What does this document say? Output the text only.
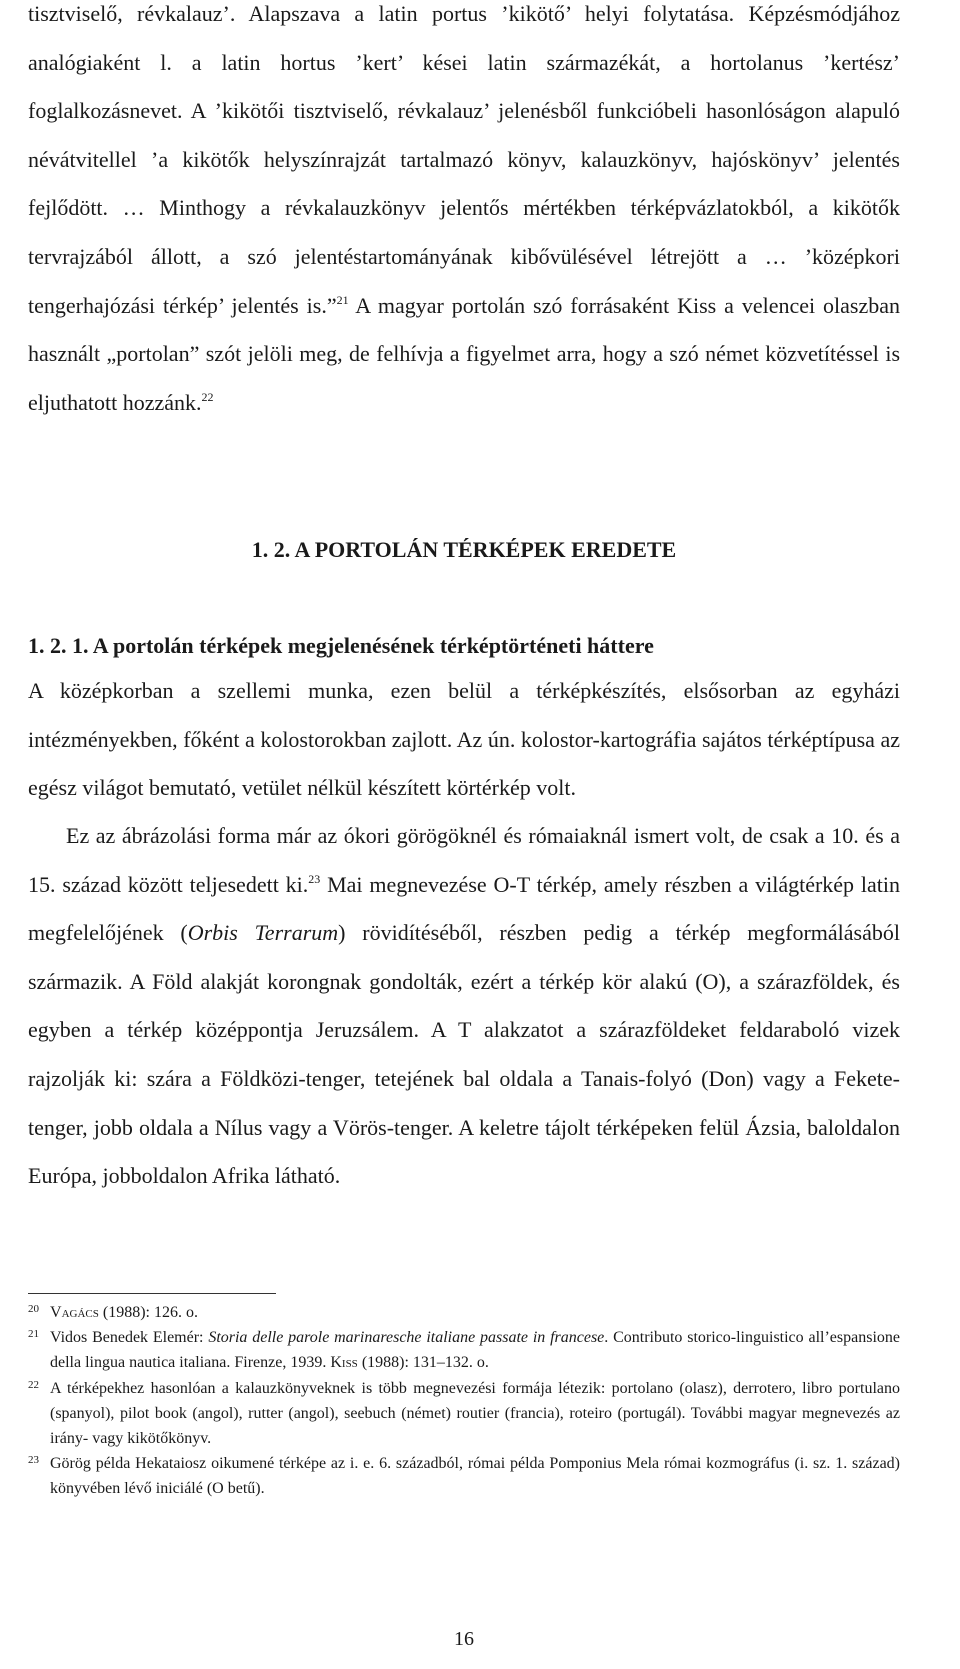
tisztviselő, révkalauz’. Alapszava a latin portus ’kikötő’ helyi folytatása. Képzésmódjához analógiaként l. a latin hortus ’kert’ kései latin származékát, a hortolanus ’kertész’ foglalkozásnevet. A ’kikötői tisztviselő, révkalauz’ jelenésből funkcióbeli hasonlóságon alapuló névátvitellel ’a kikötők helyszínrajzát tartalmazó könyv, kalauzkönyv, hajóskönyv’ jelentés fejlődött. … Minthogy a révkalauzkönyv jelentős mértékben térképvázlatokból, a kikötők tervrajzából állott, a szó jelentéstartományának kibővülésével létrejött a … ’középkori tengerhajózási térkép’ jelentés is.”$^{21}$ A magyar portolán szó forrásaként Kiss a velencei olaszban használt „portolan” szót jelöli meg, de felhívja a figyelmet arra, hogy a szó német közvetítéssel is eljuthatott hozzánk.$^{22}$

1. 2. A PORTOLÁN TÉRKÉPEK EREDETE
1. 2. 1. A portolán térképek megjelenésének térképtörténeti háttere

A középkorban a szellemi munka, ezen belül a térképkészítés, elsősorban az egyházi intézményekben, főként a kolostorokban zajlott. Az ún. kolostor-kartográfia sajátos térképtípusa az egész világot bemutató, vetület nélkül készített körtérkép volt.

Ez az ábrázolási forma már az ókori görögöknél és rómaiaknál ismert volt, de csak a 10. és a 15. század között teljesedett ki.$^{23}$ Mai megnevezése O-T térkép, amely részben a világtérkép latin megfelelőjének (Orbis Terrarum) rövidítéséből, részben pedig a térkép megformálásából származik. A Föld alakját korongnak gondolták, ezért a térkép kör alakú (O), a szárazföldek, és egyben a térkép középpontja Jeruzsálem. A T alakzatot a szárazföldeket feldaraboló vizek rajzolják ki: szára a Földközi-tenger, tetejének bal oldala a Tanais-folyó (Don) vagy a Fekete-tenger, jobb oldala a Nílus vagy a Vörös-tenger. A keletre tájolt térképeken felül Ázsia, baloldalon Európa, jobboldalon Afrika látható.

20 Vagács (1988): 126. o.

21 Vidos Benedek Elemér: Storia delle parole marinaresche italiane passate in francese. Contributo storico-linguistico all’espansione della lingua nautica italiana. Firenze, 1939. Kiss (1988): 131–132. o.

22 A térképekhez hasonlóan a kalauzkönyveknek is több megnevezési formája létezik: portolano (olasz), derrotero, libro portulano (spanyol), pilot book (angol), rutter (angol), seebuch (német) routier (francia), roteiro (portugál). További magyar megnevezés az irány- vagy kikötőkönyv.

23 Görög példa Hekataiosz oikumené térképe az i. e. 6. századból, római példa Pomponius Mela római kozmográfus (i. sz. 1. század) könyvében lévő iniciálé (O betű).

16
